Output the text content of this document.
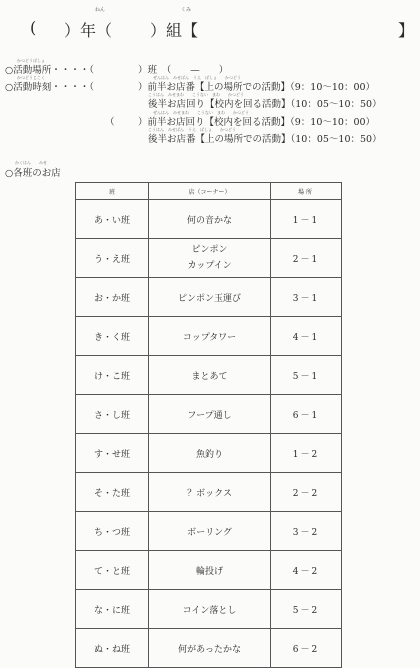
(
ねん
）年（
くみ
）組【	】
かつどうばしょ
○活動場所・・・・（	）班　（　　—　　）
かつどうじこく	ぜんはん　みせばん　うえ　ばしょ　　かつどう
○活動時刻・・・・（	）前半お店番【上の場所での活動】（9：10〜10：00）
こうはん　みせまわ　　こうない　まわ　　かつどう
後半お店回り【校内を回る活動】（10：05〜10：50）
ぜんはん　みせまわ　　こうない　まわ　　かつどう
（ ）前半お店回り【校内を回る活動】（9：10〜10：00）
こうはん　みせばん　うえ　ばしょ　　かつどう
後半お店番【上の場所での活動】（10：05〜10：50）
かくはん　　みせ
○各班のお店
班	店（コーナー）	場所
あ・い班	何の音かな	1－1
う・え班	ピンポン
カップイン	2－1
お・か班	ピンポン玉運び	3－1
き・く班	コップタワー	4－1
け・こ班	まとあて	5－1
さ・し班	フープ通し	6－1
す・せ班	魚釣り	1－2
そ・た班	？ボックス	2－2
ち・つ班	ボーリング	3－2
て・と班	輪投げ	4－2
な・に班	コイン落とし	5－2
ぬ・ね班	何があったかな	6－2
